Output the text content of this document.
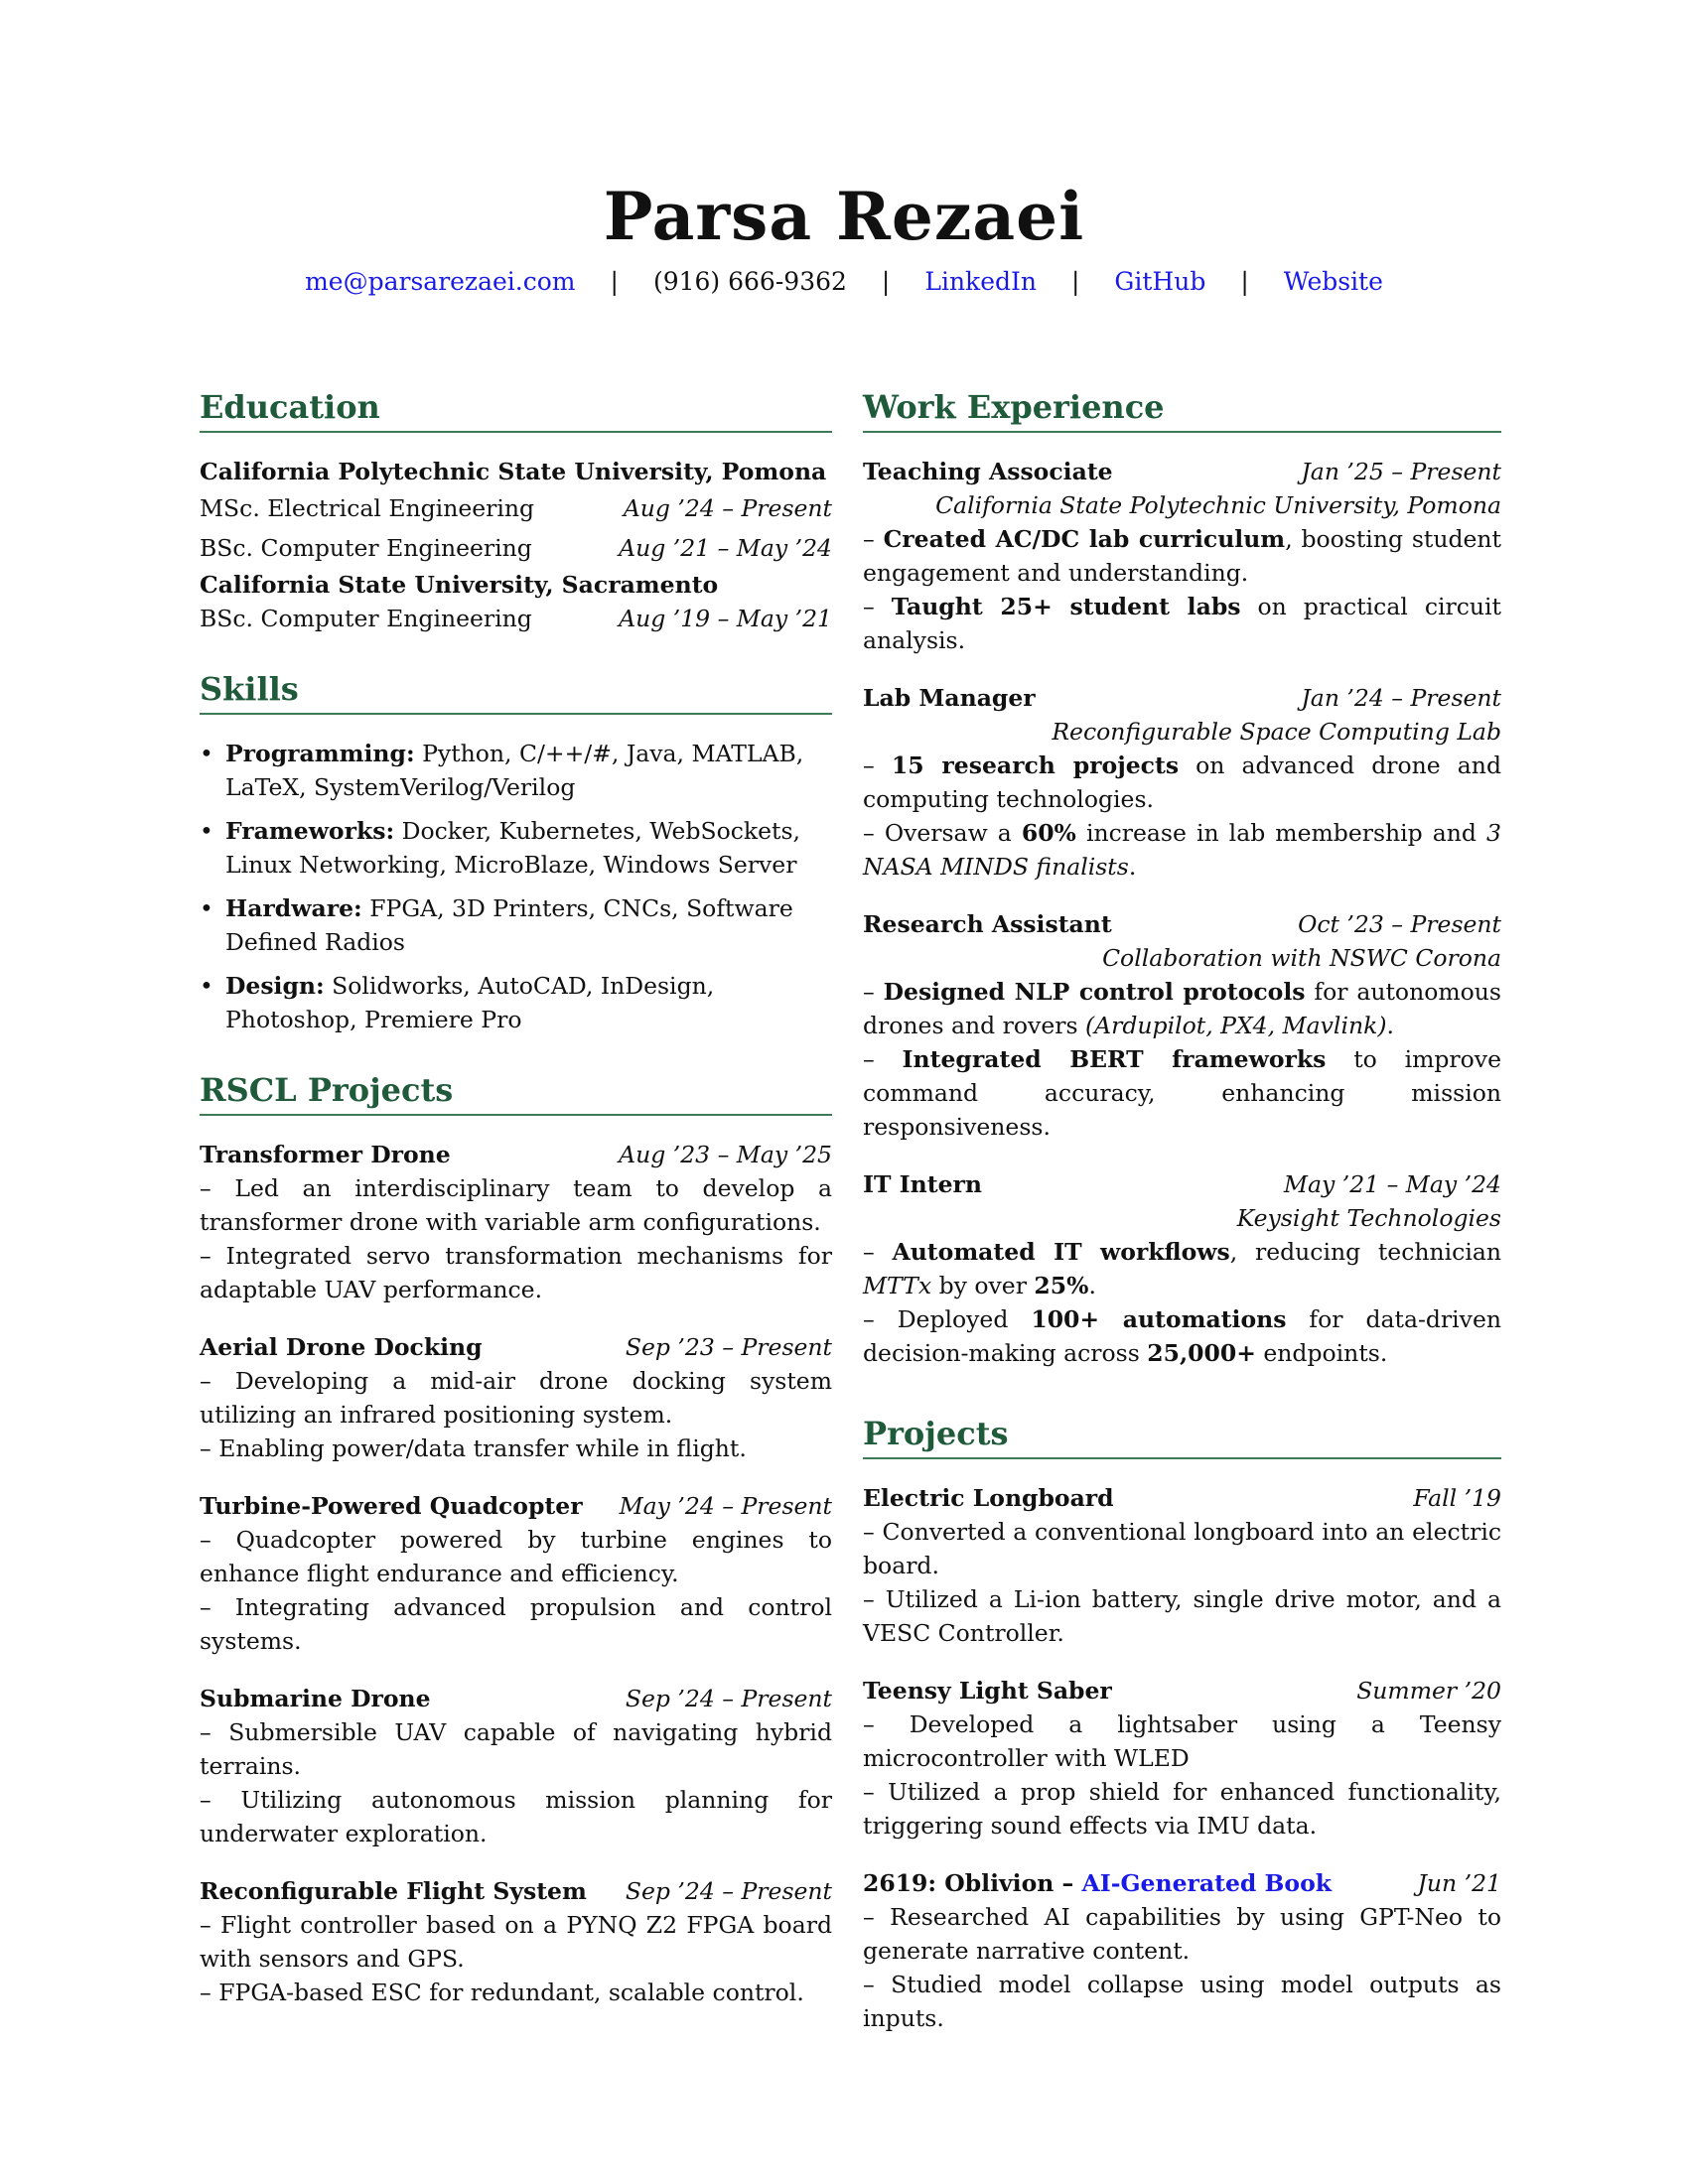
Parsa Rezaei
me@parsarezaei.com | (916) 666-9362 | LinkedIn | GitHub | Website
Education
California Polytechnic State University, Pomona
MSc. Electrical Engineering	Aug ’24 – Present
BSc. Computer Engineering	Aug ’21 – May ’24
California State University, Sacramento
BSc. Computer Engineering	Aug ’19 – May ’21
Skills
• Programming: Python, C/++/#, Java, MATLAB, LaTeX, SystemVerilog/Verilog
• Frameworks: Docker, Kubernetes, WebSockets, Linux Networking, MicroBlaze, Windows Server
• Hardware: FPGA, 3D Printers, CNCs, Software Defined Radios
• Design: Solidworks, AutoCAD, InDesign, Photoshop, Premiere Pro
RSCL Projects
Transformer Drone	Aug ’23 – May ’25
– Led an interdisciplinary team to develop a transformer drone with variable arm configurations.
– Integrated servo transformation mechanisms for adaptable UAV performance.
Aerial Drone Docking	Sep ’23 – Present
– Developing a mid-air drone docking system utilizing an infrared positioning system.
– Enabling power/data transfer while in flight.
Turbine-Powered Quadcopter May ’24 – Present
– Quadcopter powered by turbine engines to enhance flight endurance and efficiency.
– Integrating advanced propulsion and control systems.
Submarine Drone	Sep ’24 – Present
– Submersible UAV capable of navigating hybrid terrains.
– Utilizing autonomous mission planning for underwater exploration.
Reconfigurable Flight System Sep ’24 – Present
– Flight controller based on a PYNQ Z2 FPGA board with sensors and GPS.
– FPGA-based ESC for redundant, scalable control.
Work Experience
Teaching Associate	Jan ’25 – Present
California State Polytechnic University, Pomona
– Created AC/DC lab curriculum, boosting student engagement and understanding.
– Taught 25+ student labs on practical circuit analysis.
Lab Manager	Jan ’24 – Present
Reconfigurable Space Computing Lab
– 15 research projects on advanced drone and computing technologies.
– Oversaw a 60% increase in lab membership and 3 NASA MINDS finalists.
Research Assistant	Oct ’23 – Present
Collaboration with NSWC Corona
– Designed NLP control protocols for autonomous drones and rovers (Ardupilot, PX4, Mavlink).
– Integrated BERT frameworks to improve command accuracy, enhancing mission responsiveness.
IT Intern	May ’21 – May ’24
Keysight Technologies
– Automated IT workflows, reducing technician MTTx by over 25%.
– Deployed 100+ automations for data-driven decision-making across 25,000+ endpoints.
Projects
Electric Longboard	Fall ’19
– Converted a conventional longboard into an electric board.
– Utilized a Li-ion battery, single drive motor, and a VESC Controller.
Teensy Light Saber	Summer ’20
– Developed a lightsaber using a Teensy microcontroller with WLED
– Utilized a prop shield for enhanced functionality, triggering sound effects via IMU data.
2619: Oblivion – AI-Generated Book	Jun ’21
– Researched AI capabilities by using GPT-Neo to generate narrative content.
– Studied model collapse using model outputs as inputs.
